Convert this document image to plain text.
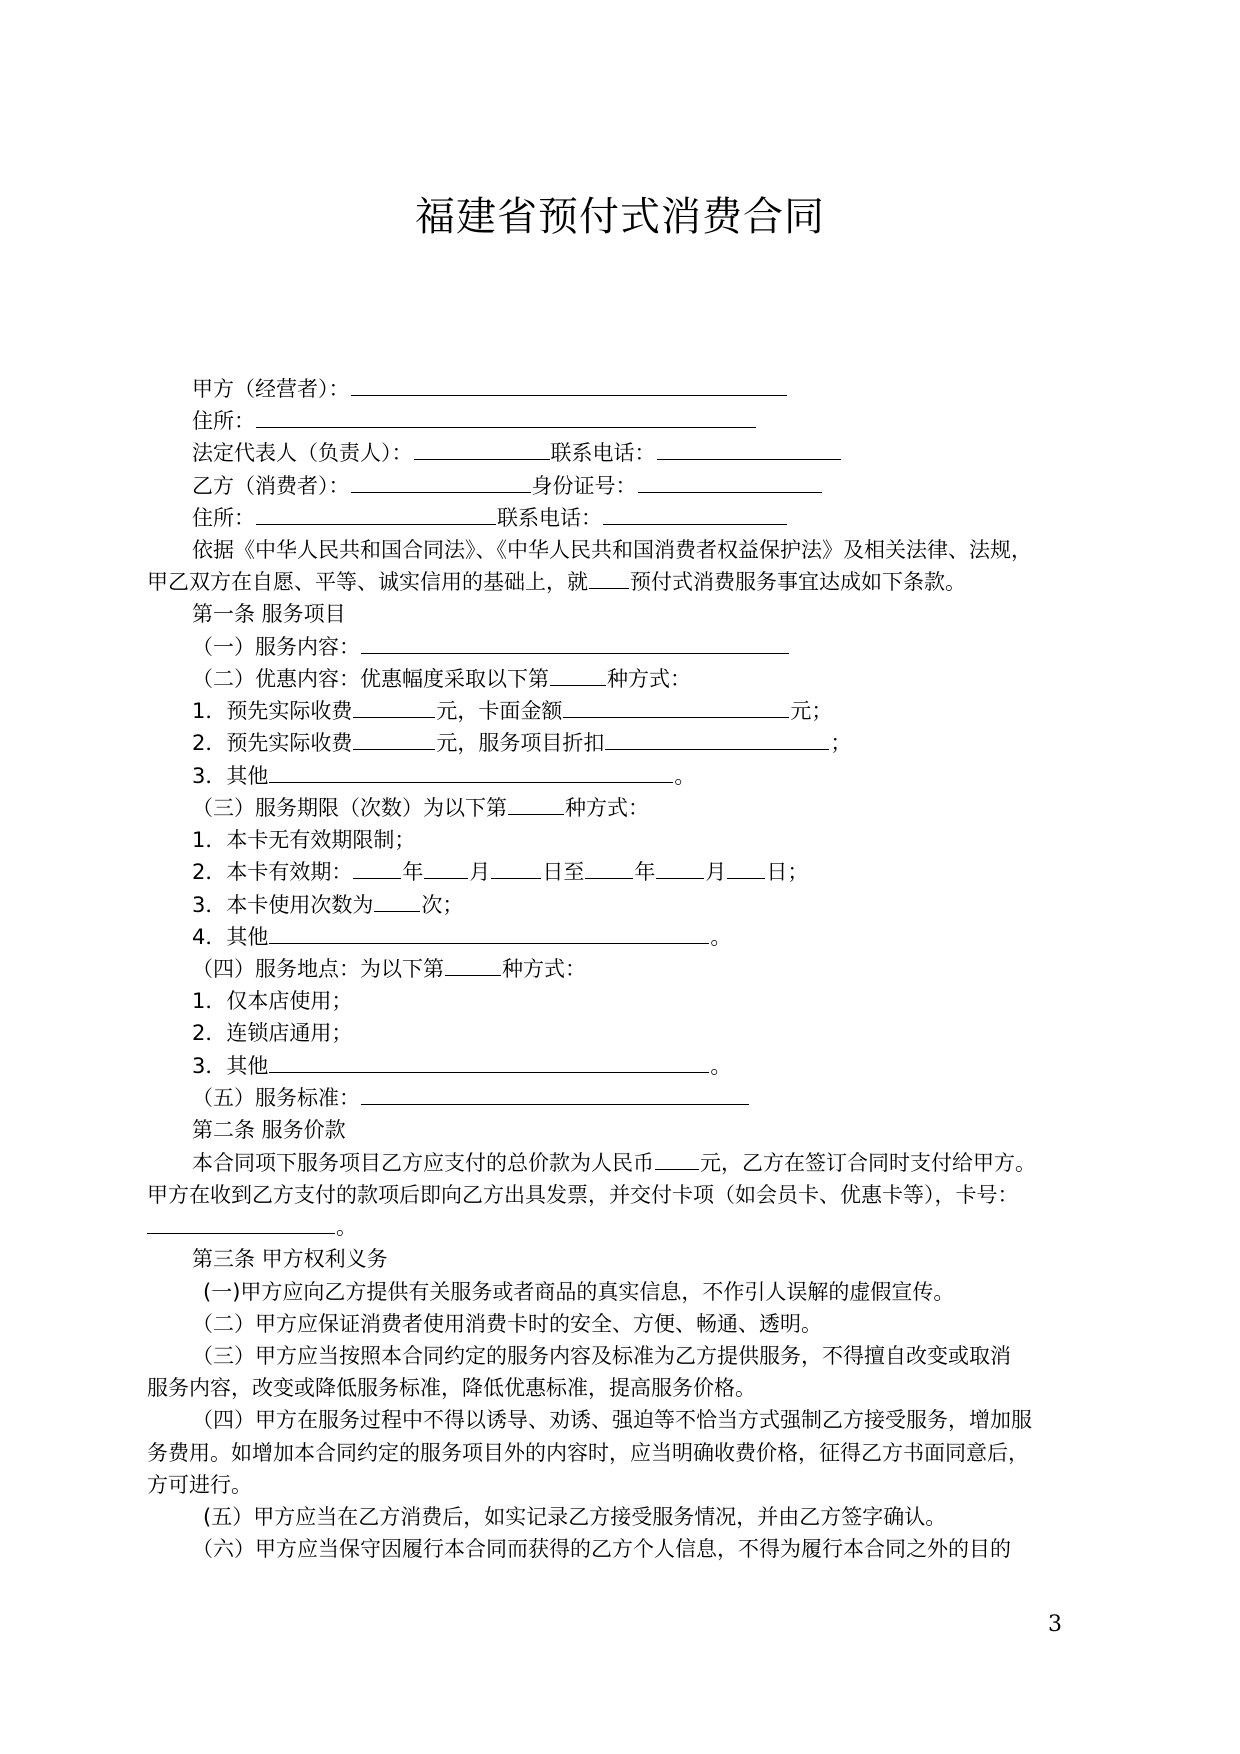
福建省预付式消费合同
甲方（经营者）：
住所：
法定代表人（负责人）：	联系电话：
乙方（消费者）：	身份证号：
住所：	联系电话：
依据《中华人民共和国合同法》、《中华人民共和国消费者权益保护法》及相关法律、法规，
甲乙双方在自愿、平等、诚实信用的基础上，就 预付式消费服务事宜达成如下条款。
第一条 服务项目
（一）服务内容：
（二）优惠内容：优惠幅度采取以下第	种方式：
1．预先实际收费	元，卡面金额	元；
2．预先实际收费	元，服务项目折扣	；
3．其他	。
（三）服务期限（次数）为以下第	种方式：
1．本卡无有效期限制；
2．本卡有效期： 年 月 日至 年 月 日；
3．本卡使用次数为 次；
4．其他	。
（四）服务地点：为以下第	种方式：
1．仅本店使用；
2．连锁店通用；
3．其他	。
（五）服务标准：
第二条 服务价款
本合同项下服务项目乙方应支付的总价款为人民币 元，乙方在签订合同时支付给甲方。
甲方在收到乙方支付的款项后即向乙方出具发票，并交付卡项（如会员卡、优惠卡等），卡号：
。
第三条 甲方权利义务
(一)甲方应向乙方提供有关服务或者商品的真实信息，不作引人误解的虚假宣传。
（二）甲方应保证消费者使用消费卡时的安全、方便、畅通、透明。
（三）甲方应当按照本合同约定的服务内容及标准为乙方提供服务，不得擅自改变或取消
服务内容，改变或降低服务标准，降低优惠标准，提高服务价格。
（四）甲方在服务过程中不得以诱导、劝诱、强迫等不恰当方式强制乙方接受服务，增加服
务费用。如增加本合同约定的服务项目外的内容时，应当明确收费价格，征得乙方书面同意后，
方可进行。
(五）甲方应当在乙方消费后，如实记录乙方接受服务情况，并由乙方签字确认。
（六）甲方应当保守因履行本合同而获得的乙方个人信息，不得为履行本合同之外的目的
3
